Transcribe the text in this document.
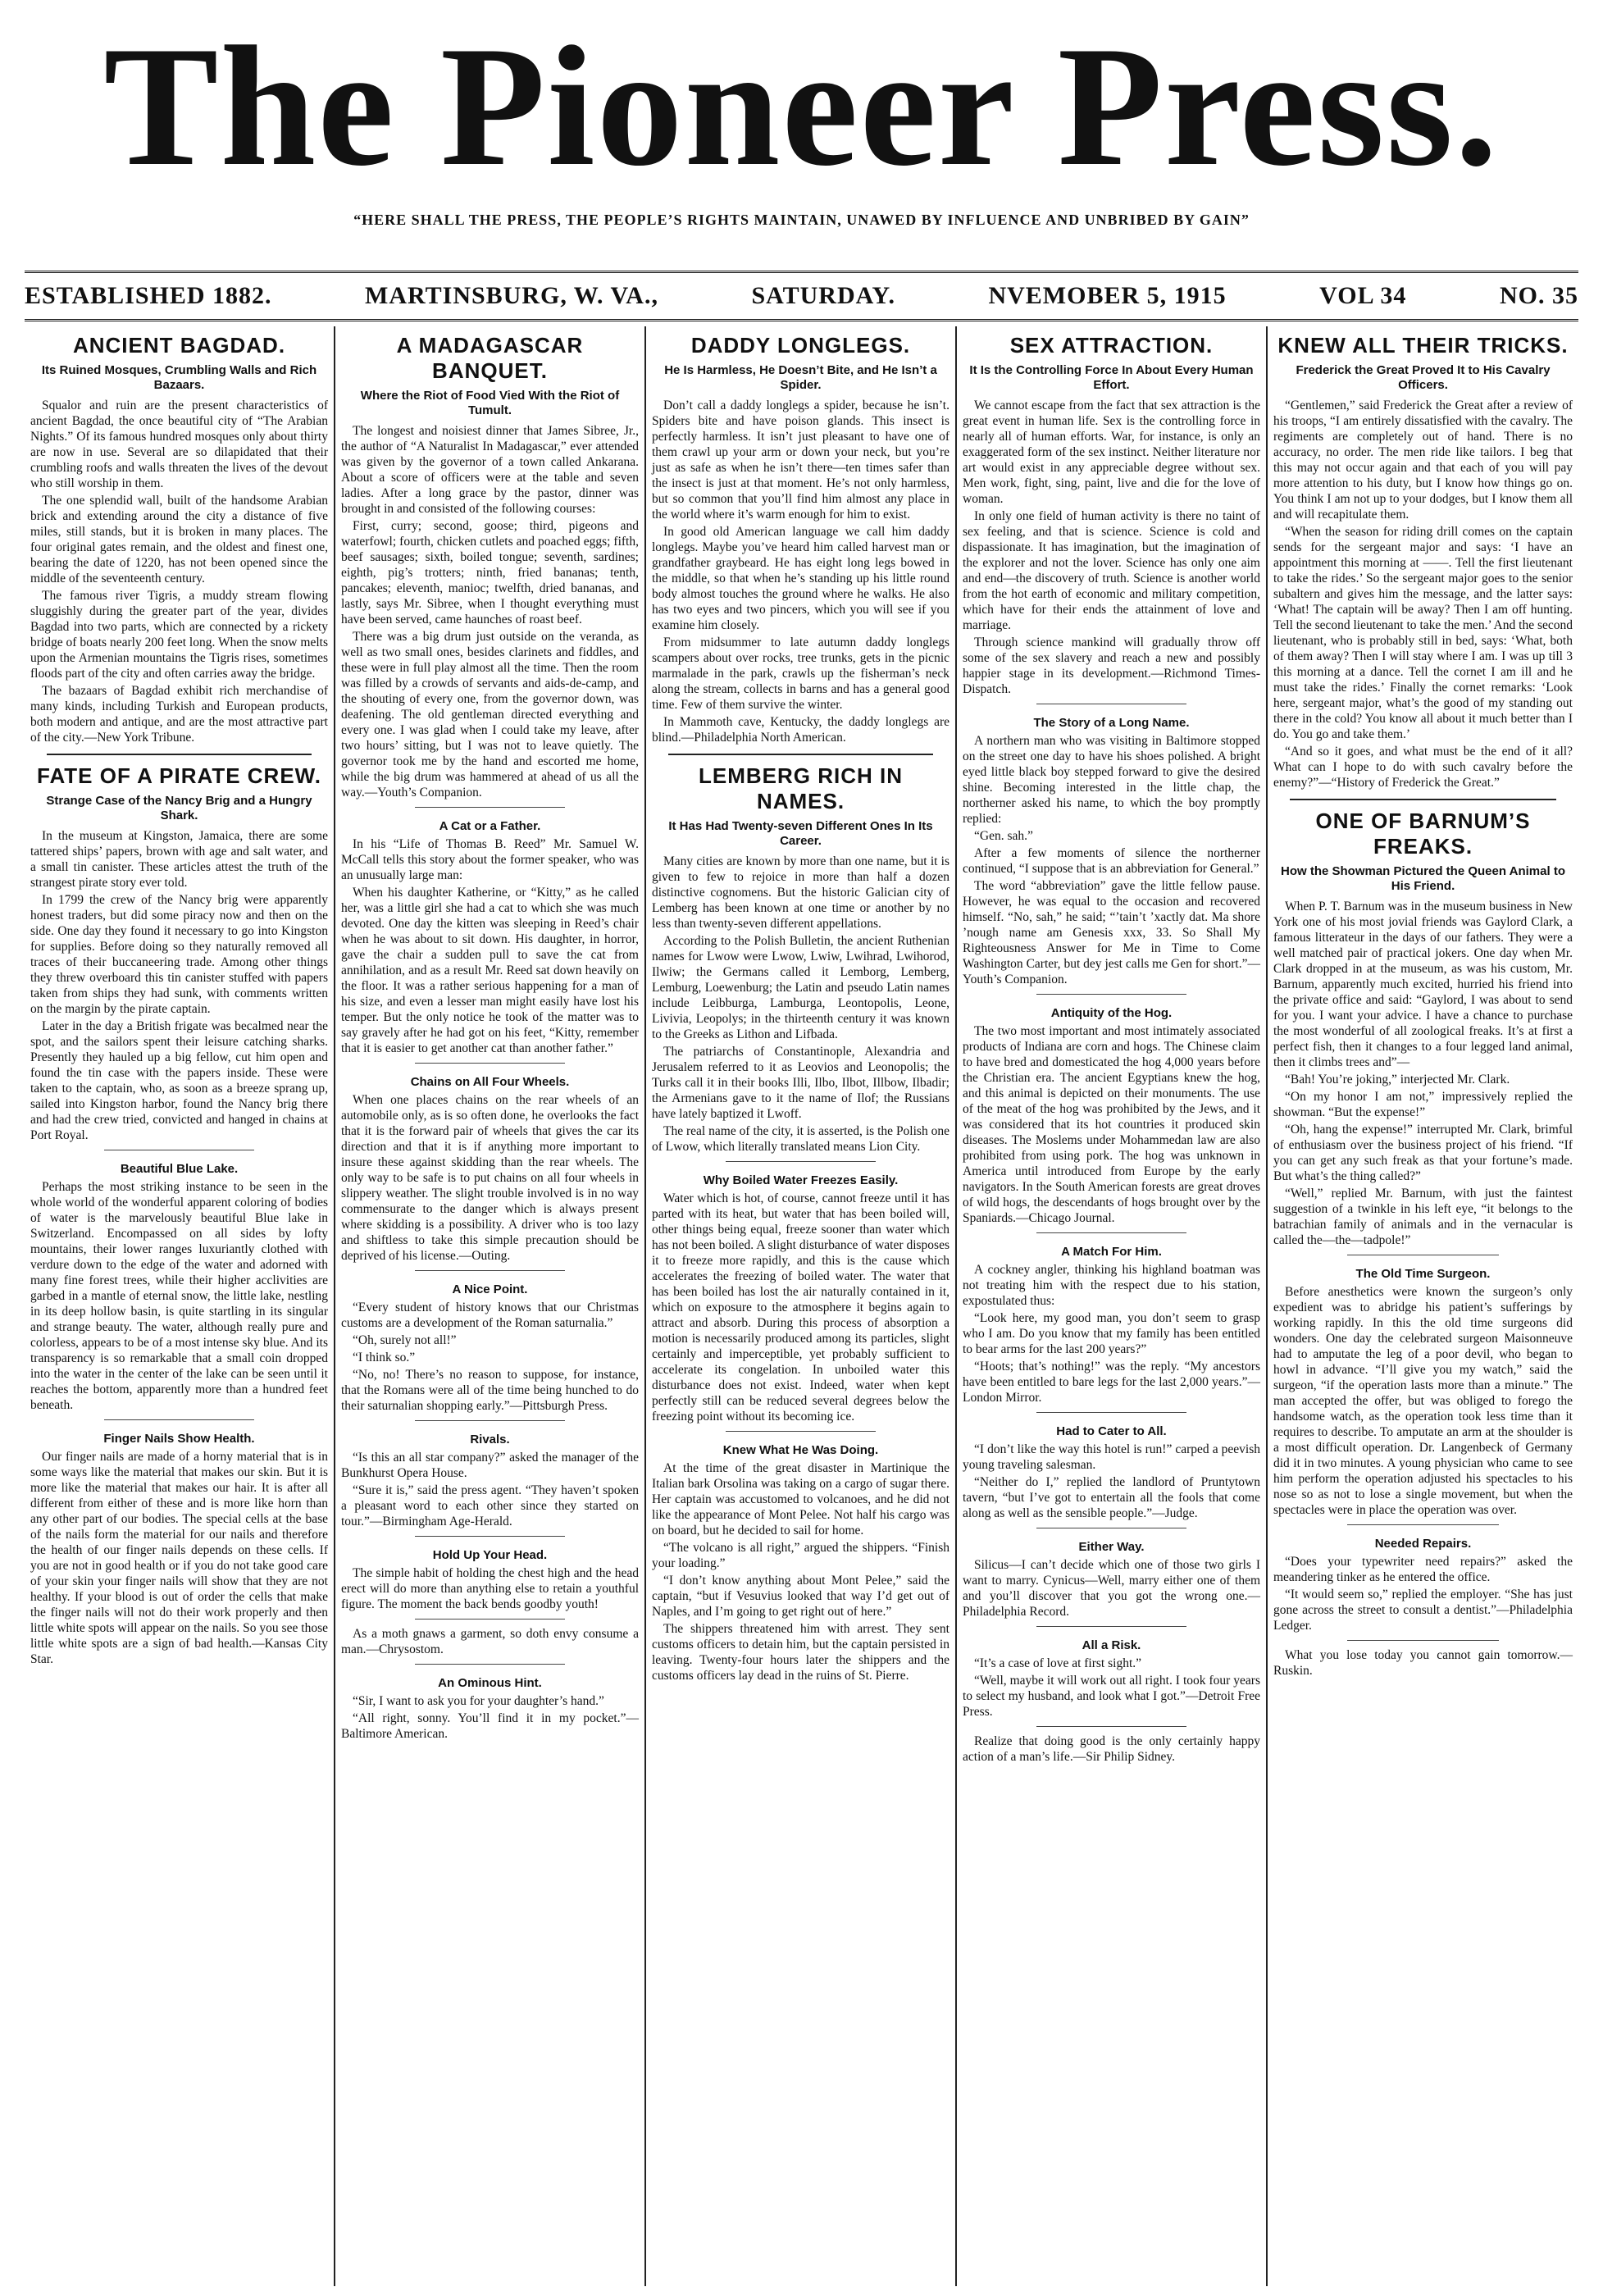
The Pioneer Press.
“HERE SHALL THE PRESS, THE PEOPLE’S RIGHTS MAINTAIN, UNAWED BY INFLUENCE AND UNBRIBED BY GAIN”
ESTABLISHED 1882.	MARTINSBURG, W. VA.,	SATURDAY.	NVEMOBER 5, 1915	VOL 34	NO. 35
ANCIENT BAGDAD.
Its Ruined Mosques, Crumbling Walls and Rich Bazaars.

Squalor and ruin are the present characteristics of ancient Bagdad, the once beautiful city of “The Arabian Nights.” Of its famous hundred mosques only about thirty are now in use. Several are so dilapidated that their crumbling roofs and walls threaten the lives of the devout who still worship in them.

The one splendid wall, built of the handsome Arabian brick and extending around the city a distance of five miles, still stands, but it is broken in many places. The four original gates remain, and the oldest and finest one, bearing the date of 1220, has not been opened since the middle of the seventeenth century.

The famous river Tigris, a muddy stream flowing sluggishly during the greater part of the year, divides Bagdad into two parts, which are connected by a rickety bridge of boats nearly 200 feet long. When the snow melts upon the Armenian mountains the Tigris rises, sometimes floods part of the city and often carries away the bridge.

The bazaars of Bagdad exhibit rich merchandise of many kinds, including Turkish and European products, both modern and antique, and are the most attractive part of the city.—New York Tribune.

FATE OF A PIRATE CREW.
Strange Case of the Nancy Brig and a Hungry Shark.

In the museum at Kingston, Jamaica, there are some tattered ships’ papers, brown with age and salt water, and a small tin canister. These articles attest the truth of the strangest pirate story ever told.

In 1799 the crew of the Nancy brig were apparently honest traders, but did some piracy now and then on the side. One day they found it necessary to go into Kingston for supplies. Before doing so they naturally removed all traces of their buccaneering trade. Among other things they threw overboard this tin canister stuffed with papers taken from ships they had sunk, with comments written on the margin by the pirate captain.

Later in the day a British frigate was becalmed near the spot, and the sailors spent their leisure catching sharks. Presently they hauled up a big fellow, cut him open and found the tin case with the papers inside. These were taken to the captain, who, as soon as a breeze sprang up, sailed into Kingston harbor, found the Nancy brig there and had the crew tried, convicted and hanged in chains at Port Royal.

Beautiful Blue Lake.

Perhaps the most striking instance to be seen in the whole world of the wonderful apparent coloring of bodies of water is the marvelously beautiful Blue lake in Switzerland. Encompassed on all sides by lofty mountains, their lower ranges luxuriantly clothed with verdure down to the edge of the water and adorned with many fine forest trees, while their higher acclivities are garbed in a mantle of eternal snow, the little lake, nestling in its deep hollow basin, is quite startling in its singular and strange beauty. The water, although really pure and colorless, appears to be of a most intense sky blue. And its transparency is so remarkable that a small coin dropped into the water in the center of the lake can be seen until it reaches the bottom, apparently more than a hundred feet beneath.

Finger Nails Show Health.

Our finger nails are made of a horny material that is in some ways like the material that makes our skin. But it is more like the material that makes our hair. It is after all different from either of these and is more like horn than any other part of our bodies. The special cells at the base of the nails form the material for our nails and therefore the health of our finger nails depends on these cells. If you are not in good health or if you do not take good care of your skin your finger nails will show that they are not healthy. If your blood is out of order the cells that make the finger nails will not do their work properly and then little white spots will appear on the nails. So you see those little white spots are a sign of bad health.—Kansas City Star.

A MADAGASCAR BANQUET.
Where the Riot of Food Vied With the Riot of Tumult.

The longest and noisiest dinner that James Sibree, Jr., the author of “A Naturalist In Madagascar,” ever attended was given by the governor of a town called Ankarana. About a score of officers were at the table and seven ladies. After a long grace by the pastor, dinner was brought in and consisted of the following courses:

First, curry; second, goose; third, pigeons and waterfowl; fourth, chicken cutlets and poached eggs; fifth, beef sausages; sixth, boiled tongue; seventh, sardines; eighth, pig’s trotters; ninth, fried bananas; tenth, pancakes; eleventh, manioc; twelfth, dried bananas, and lastly, says Mr. Sibree, when I thought everything must have been served, came haunches of roast beef.

There was a big drum just outside on the veranda, as well as two small ones, besides clarinets and fiddles, and these were in full play almost all the time. Then the room was filled by a crowds of servants and aids-de-camp, and the shouting of every one, from the governor down, was deafening. The old gentleman directed everything and every one. I was glad when I could take my leave, after two hours’ sitting, but I was not to leave quietly. The governor took me by the hand and escorted me home, while the big drum was hammered at ahead of us all the way.—Youth’s Companion.

A Cat or a Father.

In his “Life of Thomas B. Reed” Mr. Samuel W. McCall tells this story about the former speaker, who was an unusually large man:

When his daughter Katherine, or “Kitty,” as he called her, was a little girl she had a cat to which she was much devoted. One day the kitten was sleeping in Reed’s chair when he was about to sit down. His daughter, in horror, gave the chair a sudden pull to save the cat from annihilation, and as a result Mr. Reed sat down heavily on the floor. It was a rather serious happening for a man of his size, and even a lesser man might easily have lost his temper. But the only notice he took of the matter was to say gravely after he had got on his feet, “Kitty, remember that it is easier to get another cat than another father.”

Chains on All Four Wheels.

When one places chains on the rear wheels of an automobile only, as is so often done, he overlooks the fact that it is the forward pair of wheels that gives the car its direction and that it is if anything more important to insure these against skidding than the rear wheels. The only way to be safe is to put chains on all four wheels in slippery weather. The slight trouble involved is in no way commensurate to the danger which is always present where skidding is a possibility. A driver who is too lazy and shiftless to take this simple precaution should be deprived of his license.—Outing.

A Nice Point.

“Every student of history knows that our Christmas customs are a development of the Roman saturnalia.”

“Oh, surely not all!”

“I think so.”

“No, no! There’s no reason to suppose, for instance, that the Romans were all of the time being hunched to do their saturnalian shopping early.”—Pittsburgh Press.

Rivals.

“Is this an all star company?” asked the manager of the Bunkhurst Opera House.

“Sure it is,” said the press agent. “They haven’t spoken a pleasant word to each other since they started on tour.”—Birmingham Age-Herald.

Hold Up Your Head.

The simple habit of holding the chest high and the head erect will do more than anything else to retain a youthful figure. The moment the back bends goodby youth!

As a moth gnaws a garment, so doth envy consume a man.—Chrysostom.

An Ominous Hint.

“Sir, I want to ask you for your daughter’s hand.”

“All right, sonny. You’ll find it in my pocket.”—Baltimore American.

DADDY LONGLEGS.
He Is Harmless, He Doesn’t Bite, and He Isn’t a Spider.

Don’t call a daddy longlegs a spider, because he isn’t. Spiders bite and have poison glands. This insect is perfectly harmless. It isn’t just pleasant to have one of them crawl up your arm or down your neck, but you’re just as safe as when he isn’t there—ten times safer than the insect is just at that moment. He’s not only harmless, but so common that you’ll find him almost any place in the world where it’s warm enough for him to exist.

In good old American language we call him daddy longlegs. Maybe you’ve heard him called harvest man or grandfather graybeard. He has eight long legs bowed in the middle, so that when he’s standing up his little round body almost touches the ground where he walks. He also has two eyes and two pincers, which you will see if you examine him closely.

From midsummer to late autumn daddy longlegs scampers about over rocks, tree trunks, gets in the picnic marmalade in the park, crawls up the fisherman’s neck along the stream, collects in barns and has a general good time. Few of them survive the winter.

In Mammoth cave, Kentucky, the daddy longlegs are blind.—Philadelphia North American.

LEMBERG RICH IN NAMES.
It Has Had Twenty-seven Different Ones In Its Career.

Many cities are known by more than one name, but it is given to few to rejoice in more than half a dozen distinctive cognomens. But the historic Galician city of Lemberg has been known at one time or another by no less than twenty-seven different appellations.

According to the Polish Bulletin, the ancient Ruthenian names for Lwow were Lwow, Lwiw, Lwihrad, Lwihorod, Ilwiw; the Germans called it Lemborg, Lemberg, Lemburg, Loewenburg; the Latin and pseudo Latin names include Leibburga, Lamburga, Leontopolis, Leone, Livivia, Leopolys; in the thirteenth century it was known to the Greeks as Lithon and Lifbada.

The patriarchs of Constantinople, Alexandria and Jerusalem referred to it as Leovios and Leonopolis; the Turks call it in their books Illi, Ilbo, Ilbot, Illbow, Ilbadir; the Armenians gave to it the name of Ilof; the Russians have lately baptized it Lwoff.

The real name of the city, it is asserted, is the Polish one of Lwow, which literally translated means Lion City.

Why Boiled Water Freezes Easily.

Water which is hot, of course, cannot freeze until it has parted with its heat, but water that has been boiled will, other things being equal, freeze sooner than water which has not been boiled. A slight disturbance of water disposes it to freeze more rapidly, and this is the cause which accelerates the freezing of boiled water. The water that has been boiled has lost the air naturally contained in it, which on exposure to the atmosphere it begins again to attract and absorb. During this process of absorption a motion is necessarily produced among its particles, slight certainly and imperceptible, yet probably sufficient to accelerate its congelation. In unboiled water this disturbance does not exist. Indeed, water when kept perfectly still can be reduced several degrees below the freezing point without its becoming ice.

Knew What He Was Doing.

At the time of the great disaster in Martinique the Italian bark Orsolina was taking on a cargo of sugar there. Her captain was accustomed to volcanoes, and he did not like the appearance of Mont Pelee. Not half his cargo was on board, but he decided to sail for home.

“The volcano is all right,” argued the shippers. “Finish your loading.”

“I don’t know anything about Mont Pelee,” said the captain, “but if Vesuvius looked that way I’d get out of Naples, and I’m going to get right out of here.”

The shippers threatened him with arrest. They sent customs officers to detain him, but the captain persisted in leaving. Twenty-four hours later the shippers and the customs officers lay dead in the ruins of St. Pierre.

SEX ATTRACTION.
It Is the Controlling Force In About Every Human Effort.

We cannot escape from the fact that sex attraction is the great event in human life. Sex is the controlling force in nearly all of human efforts. War, for instance, is only an exaggerated form of the sex instinct. Neither literature nor art would exist in any appreciable degree without sex. Men work, fight, sing, paint, live and die for the love of woman.

In only one field of human activity is there no taint of sex feeling, and that is science. Science is cold and dispassionate. It has imagination, but the imagination of the explorer and not the lover. Science has only one aim and end—the discovery of truth. Science is another world from the hot earth of economic and military competition, which have for their ends the attainment of love and marriage.

Through science mankind will gradually throw off some of the sex slavery and reach a new and possibly happier stage in its development.—Richmond Times-Dispatch.

The Story of a Long Name.

A northern man who was visiting in Baltimore stopped on the street one day to have his shoes polished. A bright eyed little black boy stepped forward to give the desired shine. Becoming interested in the little chap, the northerner asked his name, to which the boy promptly replied:

“Gen. sah.”

After a few moments of silence the northerner continued, “I suppose that is an abbreviation for General.”

The word “abbreviation” gave the little fellow pause. However, he was equal to the occasion and recovered himself. “No, sah,” he said; “’tain’t ’xactly dat. Ma shore ’nough name am Genesis xxx, 33. So Shall My Righteousness Answer for Me in Time to Come Washington Carter, but dey jest calls me Gen for short.”—Youth’s Companion.

Antiquity of the Hog.

The two most important and most intimately associated products of Indiana are corn and hogs. The Chinese claim to have bred and domesticated the hog 4,000 years before the Christian era. The ancient Egyptians knew the hog, and this animal is depicted on their monuments. The use of the meat of the hog was prohibited by the Jews, and it was considered that its hot countries it produced skin diseases. The Moslems under Mohammedan law are also prohibited from using pork. The hog was unknown in America until introduced from Europe by the early navigators. In the South American forests are great droves of wild hogs, the descendants of hogs brought over by the Spaniards.—Chicago Journal.

A Match For Him.

A cockney angler, thinking his highland boatman was not treating him with the respect due to his station, expostulated thus:

“Look here, my good man, you don’t seem to grasp who I am. Do you know that my family has been entitled to bear arms for the last 200 years?”

“Hoots; that’s nothing!” was the reply. “My ancestors have been entitled to bare legs for the last 2,000 years.”—London Mirror.

Had to Cater to All.

“I don’t like the way this hotel is run!” carped a peevish young traveling salesman.

“Neither do I,” replied the landlord of Pruntytown tavern, “but I’ve got to entertain all the fools that come along as well as the sensible people.”—Judge.

Either Way.

Silicus—I can’t decide which one of those two girls I want to marry. Cynicus—Well, marry either one of them and you’ll discover that you got the wrong one.—Philadelphia Record.

All a Risk.

“It’s a case of love at first sight.”

“Well, maybe it will work out all right. I took four years to select my husband, and look what I got.”—Detroit Free Press.

Realize that doing good is the only certainly happy action of a man’s life.—Sir Philip Sidney.

KNEW ALL THEIR TRICKS.
Frederick the Great Proved It to His Cavalry Officers.

“Gentlemen,” said Frederick the Great after a review of his troops, “I am entirely dissatisfied with the cavalry. The regiments are completely out of hand. There is no accuracy, no order. The men ride like tailors. I beg that this may not occur again and that each of you will pay more attention to his duty, but I know how things go on. You think I am not up to your dodges, but I know them all and will recapitulate them.

“When the season for riding drill comes on the captain sends for the sergeant major and says: ‘I have an appointment this morning at ——. Tell the first lieutenant to take the rides.’ So the sergeant major goes to the senior subaltern and gives him the message, and the latter says: ‘What! The captain will be away? Then I am off hunting. Tell the second lieutenant to take the men.’ And the second lieutenant, who is probably still in bed, says: ‘What, both of them away? Then I will stay where I am. I was up till 3 this morning at a dance. Tell the cornet I am ill and he must take the rides.’ Finally the cornet remarks: ‘Look here, sergeant major, what’s the good of my standing out there in the cold? You know all about it much better than I do. You go and take them.’

“And so it goes, and what must be the end of it all? What can I hope to do with such cavalry before the enemy?”—“History of Frederick the Great.”

ONE OF BARNUM’S FREAKS.
How the Showman Pictured the Queen Animal to His Friend.

When P. T. Barnum was in the museum business in New York one of his most jovial friends was Gaylord Clark, a famous litterateur in the days of our fathers. They were a well matched pair of practical jokers. One day when Mr. Clark dropped in at the museum, as was his custom, Mr. Barnum, apparently much excited, hurried his friend into the private office and said: “Gaylord, I was about to send for you. I want your advice. I have a chance to purchase the most wonderful of all zoological freaks. It’s at first a perfect fish, then it changes to a four legged land animal, then it climbs trees and”—

“Bah! You’re joking,” interjected Mr. Clark.

“On my honor I am not,” impressively replied the showman. “But the expense!”

“Oh, hang the expense!” interrupted Mr. Clark, brimful of enthusiasm over the business project of his friend. “If you can get any such freak as that your fortune’s made. But what’s the thing called?”

“Well,” replied Mr. Barnum, with just the faintest suggestion of a twinkle in his left eye, “it belongs to the batrachian family of animals and in the vernacular is called the—the—tadpole!”

The Old Time Surgeon.

Before anesthetics were known the surgeon’s only expedient was to abridge his patient’s sufferings by working rapidly. In this the old time surgeons did wonders. One day the celebrated surgeon Maisonneuve had to amputate the leg of a poor devil, who began to howl in advance. “I’ll give you my watch,” said the surgeon, “if the operation lasts more than a minute.” The man accepted the offer, but was obliged to forego the handsome watch, as the operation took less time than it requires to describe. To amputate an arm at the shoulder is a most difficult operation. Dr. Langenbeck of Germany did it in two minutes. A young physician who came to see him perform the operation adjusted his spectacles to his nose so as not to lose a single movement, but when the spectacles were in place the operation was over.

Needed Repairs.

“Does your typewriter need repairs?” asked the meandering tinker as he entered the office.

“It would seem so,” replied the employer. “She has just gone across the street to consult a dentist.”—Philadelphia Ledger.

What you lose today you cannot gain tomorrow.—Ruskin.
